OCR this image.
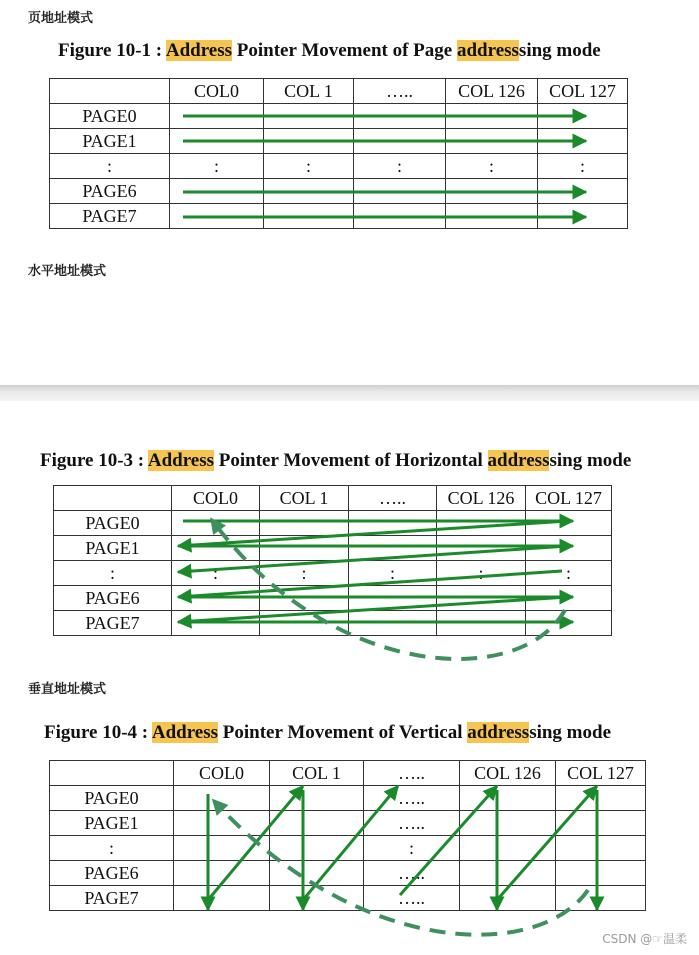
页地址模式
Figure 10-1 : Address Pointer Movement of Page addresssing mode
	COL0	COL 1	…..	COL 126	COL 127
PAGE0					
PAGE1					
:	:	:	:	:	:
PAGE6					
PAGE7					
水平地址模式
Figure 10-3 : Address Pointer Movement of Horizontal addresssing mode
	COL0	COL 1	…..	COL 126	COL 127
PAGE0					
PAGE1					
:	:	:	:	:	:
PAGE6					
PAGE7					
垂直地址模式
Figure 10-4 : Address Pointer Movement of Vertical addresssing mode
	COL0	COL 1	…..	COL 126	COL 127
PAGE0			…..		
PAGE1			…..		
:			:		
PAGE6			…..		
PAGE7			…..		
CSDN @☞温柔
